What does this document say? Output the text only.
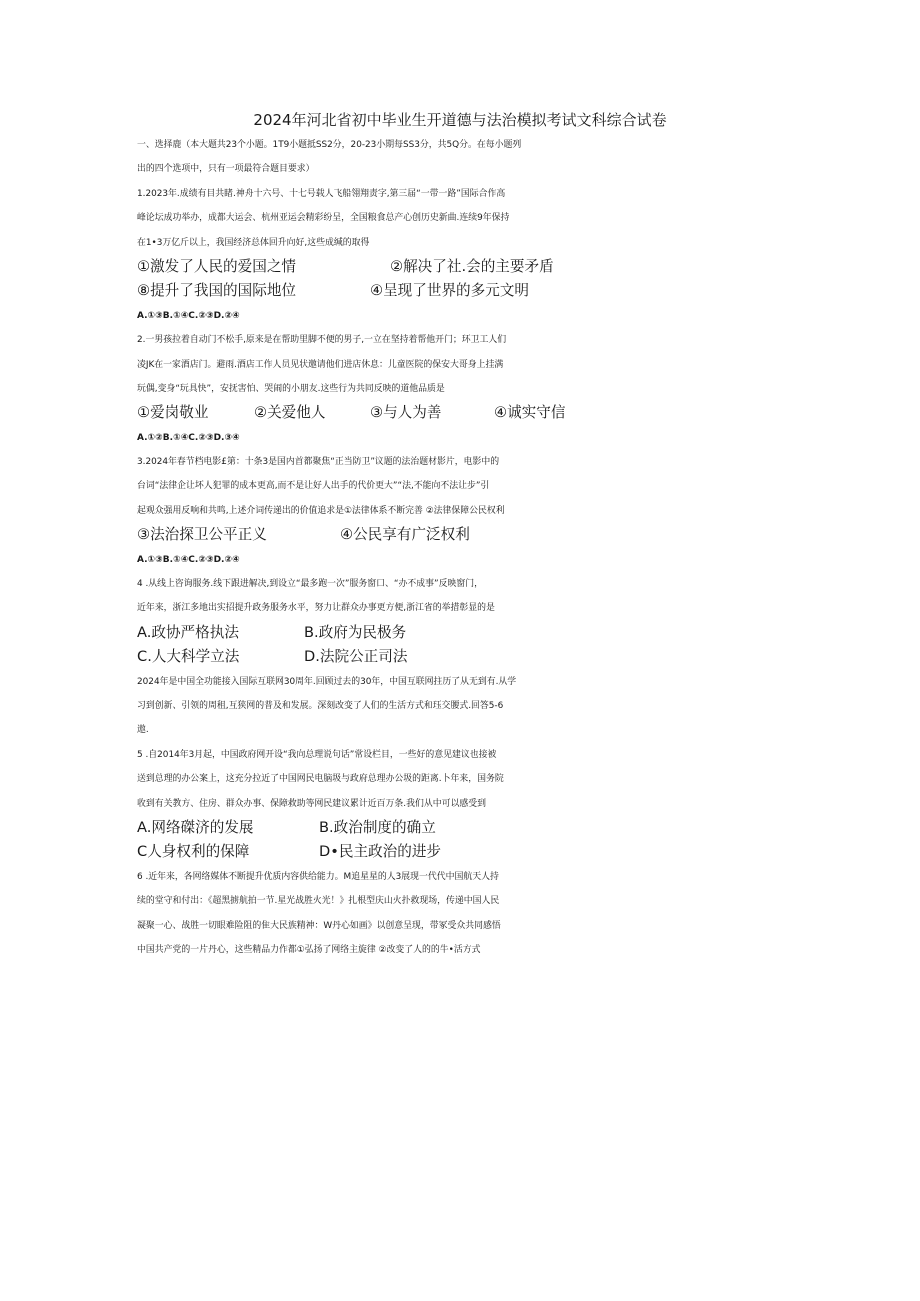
2024年河北省初中毕业生开道德与法治模拟考试文科综合试卷
一、选择鹿（本大题共23个小题。1T9小题抵SS2分，20-23小期每SS3分，共5Q分。在每小题列
出的四个选项中，只有一项最符合题目要求）
1.2023年.成绩有目共睹.神舟十六号、十七号载人飞船翎翔责字,第三届“一带一路”国际合作高
峰论坛成功举办，成都大运会、杭州亚运会精彩纷呈，全国粮食总产心创历史新曲.连续9年保持
在1•3万亿斤以上，我国经济总体回升向好,这些成缄的取得
①激发了人民的爱国之情	②解决了社.会的主要矛盾
⑧提升了我国的国际地位	④呈现了世界的多元文明
A.①③B.①④C.②③D.②④
2.一男孩拉着自动门不松手,原来是在帮助里脚不便的男子,一立在坚持着帮他开门；环卫工人们
凌JK在一家酒店门。避雨.酒店工作人员见状邀请他们进店休息：儿童医院的保安大哥身上挂满
玩偶,变身“玩具快”，安抚害怕、哭闹的小朋友.这些行为共同反映的道他品质是
①爱岗敬业	②关爱他人	③与人为善	④诚实守信
A.①②B.①④C.②③D.③④
3.2024年春节档电影£第：十条3是国内首都聚焦“正当防卫”议题的法治题材影片，电影中的
台词“法律企让坏人犯罪的成本更高,而不是让好人出手的代价更大”“法,不能向不法让步”引
起观众强用反响和共鸣,上述介词传递出的价值追求是①法律体系不断完善 ②法律保障公民权利
③法治探卫公平正义	④公民享有广泛权利
A.①③B.①④C.②③D.②④
4 .从线上咨询服务.线下跟进解决,到设立“最多跑一次”服务窗口、“办不成事”反映窗门，
近年来，浙江多地出实招提升政务服务水平，努力让群众办事更方便,浙江省的举措彰显的是
A.政协严格执法	B.政府为民极务
C.人大科学立法	D.法院公正司法
2024年是中国全功能接入国际互联网30周年.回顾过去的30年，中国互联网拄历了从无到有.从学
习到创新、引领的周租,互狭网的普及和发展。深刻改变了人们的生活方式和珏交腰式.回答5-6
遨.
5 .自2014年3月起，中国政府网开设“我向总理说句话”常设栏目，一些好的意见建议也接被
送到总理的办公案上，这充分拉近了中国网民电脑圾与政府总理办公圾的距离.卜年来，国务院
收到有关教方、住房、群众办事、保障救助等网民建议累计近百万条.我们从中可以感受到
A.网络磔济的发展	B.政治制度的确立
C人身权利的保障	D•民主政治的进步
6 .近年来，各网络媒体不断提升优质内容供给能力。M追星星的人3展现一代代中国航天人持
续的堂守和付出：《超黑掳航拍一节.星光战胜火光！》扎根型庆山火扑救现场，传递中国人民
凝聚一心、战胜一切眼难险阻的隹大民族精神：W丹心如画》以创意呈现，带冢受众共同感悟
中国共产党的一片丹心，这些精品力作都①弘扬了网络主旋律 ②改变了人的的牛•活方式
